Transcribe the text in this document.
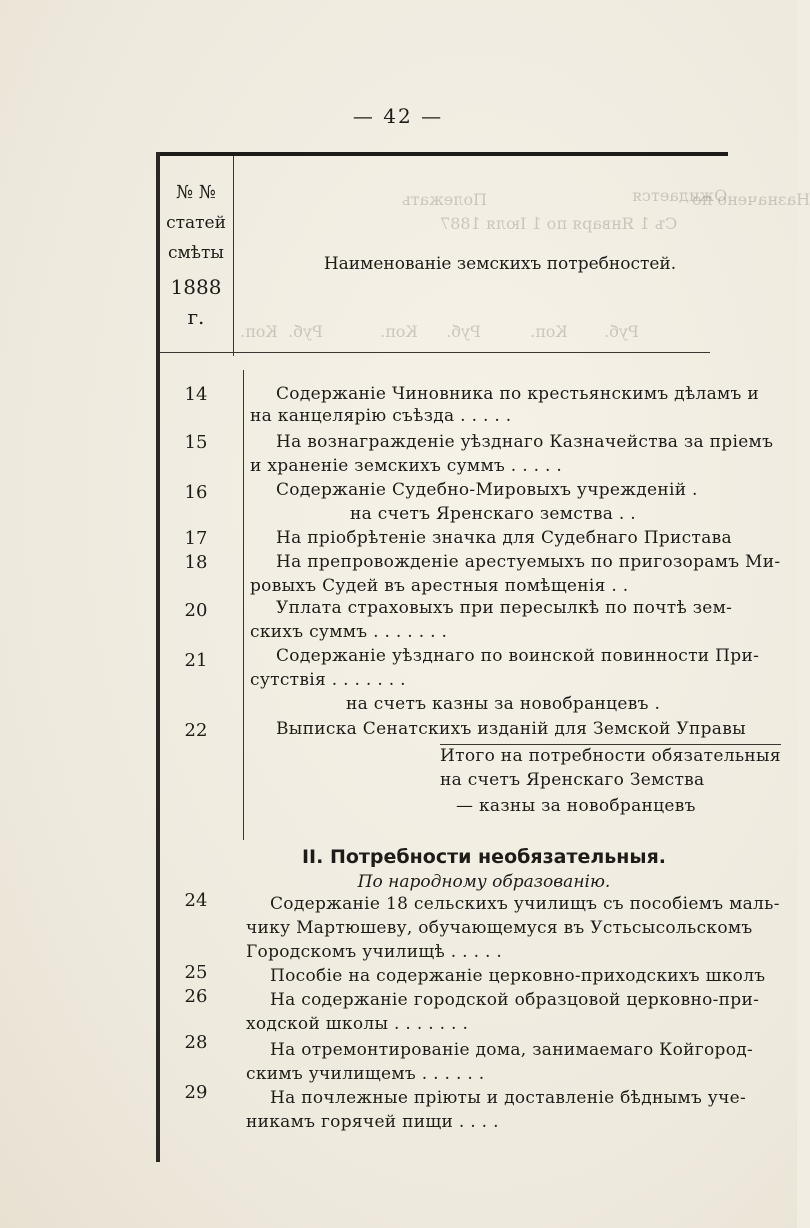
— 42 —
Ожидается
Полежать
Съ 1 Января по 1 Іюля 1887
Назначено по
Коп. Руб.	Коп. Руб.	Коп. Руб.
№ №
статей
смѣты
1888 г.
Наименованіе земскихъ потребностей.
14	Содержаніе Чиновника по крестьянскимъ дѣламъ и
на канцелярію съѣзда . . . . .
15	На вознагражденіе уѣзднаго Казначейства за пріемъ
и храненіе земскихъ суммъ . . . . .
16	Содержаніе Судебно-Мировыхъ учрежденій .
на счетъ Яренскаго земства . .
17	На пріобрѣтеніе значка для Судебнаго Пристава
18	На препровожденіе арестуемыхъ по пригозорамъ Ми-
ровыхъ Судей въ арестныя помѣщенія . .
20	Уплата страховыхъ при пересылкѣ по почтѣ зем-
скихъ суммъ . . . . . . .
21	Содержаніе уѣзднаго по воинской повинности При-
сутствія . . . . . . .
на счетъ казны за новобранцевъ .
22	Выписка Сенатскихъ изданій для Земской Управы
Итого на потребности обязательныя
на счетъ Яренскаго Земства
— казны за новобранцевъ
II. Потребности необязательныя.
По народному образованію.
24	Содержаніе 18 сельскихъ училищъ съ пособіемъ маль-
чику Мартюшеву, обучающемуся въ Устьсысольскомъ
Городскомъ училищѣ . . . . .
25	Пособіе на содержаніе церковно-приходскихъ школъ
26	На содержаніе городской образцовой церковно-при-
ходской школы . . . . . . .
28	На отремонтированіе дома, занимаемаго Койгород-
скимъ училищемъ . . . . . .
29	На почлежные пріюты и доставленіе бѣднымъ уче-
никамъ горячей пищи . . . .
